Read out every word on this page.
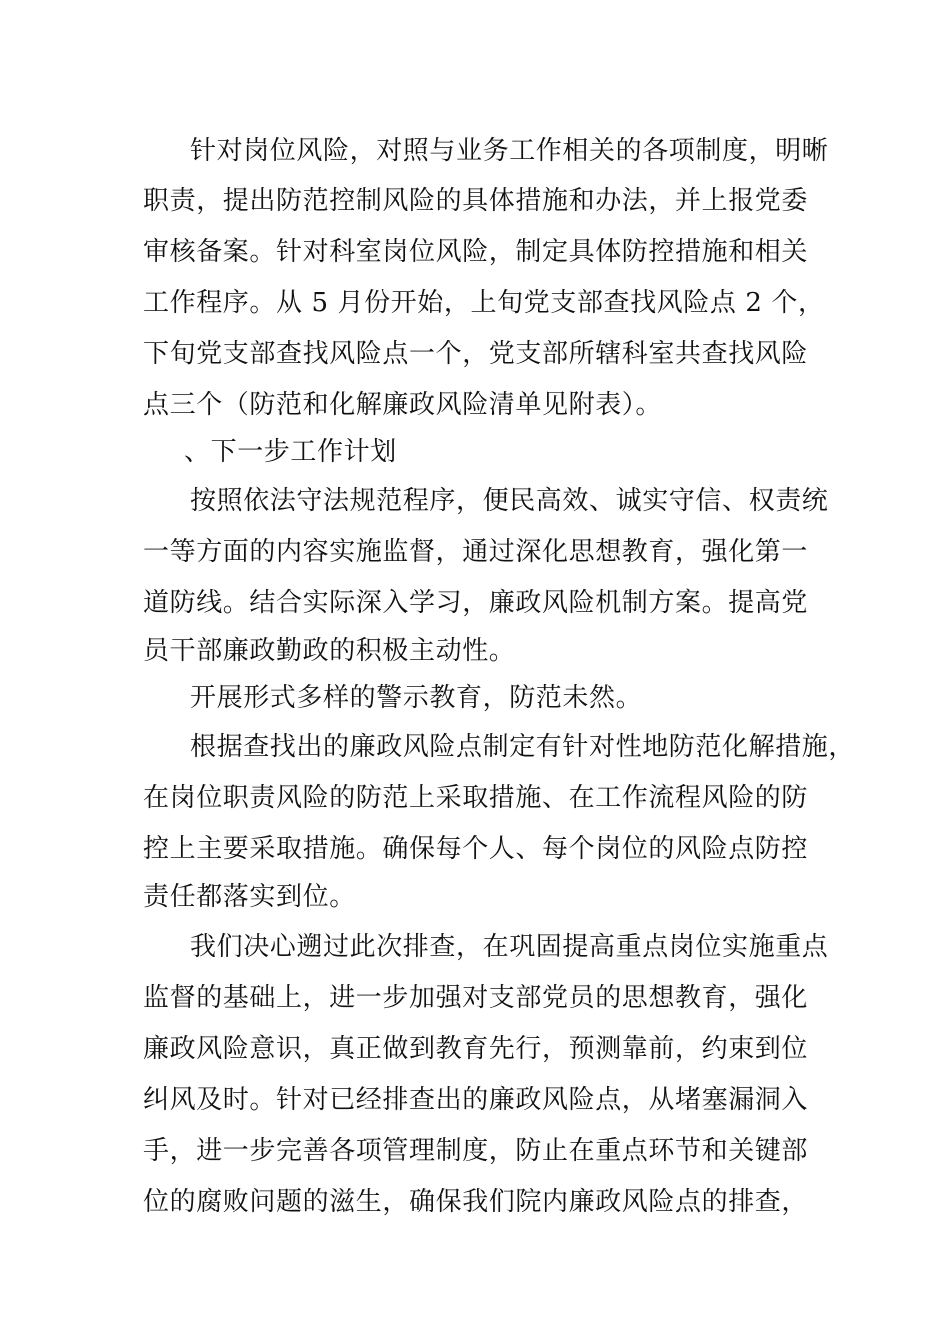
针对岗位风险，对照与业务工作相关的各项制度，明晰
职责，提出防范控制风险的具体措施和办法，并上报党委
审核备案。针对科室岗位风险，制定具体防控措施和相关
工作程序。从 5 月份开始，上旬党支部查找风险点 2 个，
下旬党支部查找风险点一个，党支部所辖科室共查找风险
点三个（防范和化解廉政风险清单见附表）。
、下一步工作计划
按照依法守法规范程序，便民高效、诚实守信、权责统
一等方面的内容实施监督，通过深化思想教育，强化第一
道防线。结合实际深入学习，廉政风险机制方案。提高党
员干部廉政勤政的积极主动性。
开展形式多样的警示教育，防范未然。
根据查找出的廉政风险点制定有针对性地防范化解措施，
在岗位职责风险的防范上采取措施、在工作流程风险的防
控上主要采取措施。确保每个人、每个岗位的风险点防控
责任都落实到位。
我们决心遡过此次排查，在巩固提高重点岗位实施重点
监督的基础上，进一步加强对支部党员的思想教育，强化
廉政风险意识，真正做到教育先行，预测靠前，约束到位
纠风及时。针对已经排查出的廉政风险点，从堵塞漏洞入
手，进一步完善各项管理制度，防止在重点环节和关键部
位的腐败问题的滋生，确保我们院内廉政风险点的排查，
